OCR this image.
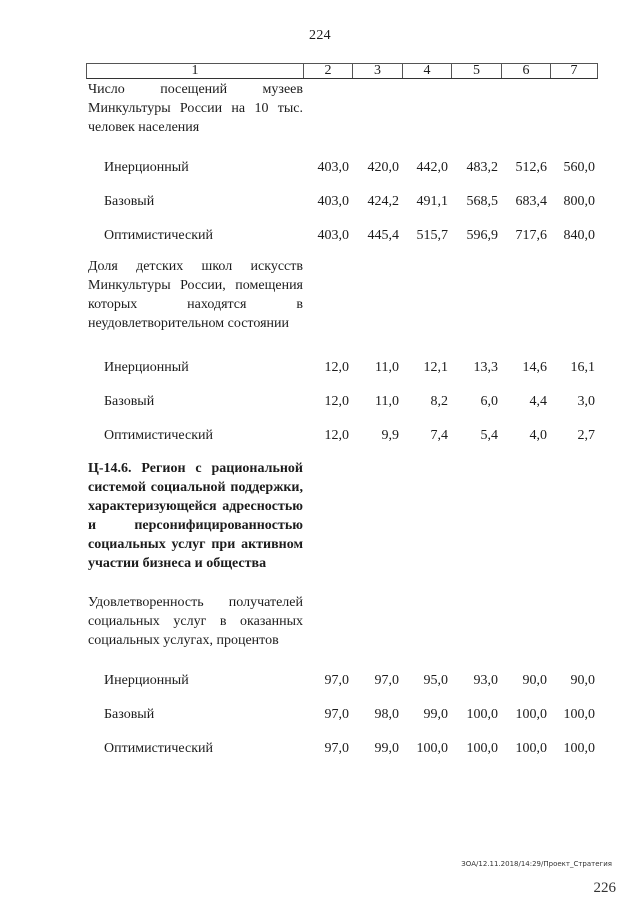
224
1	2	3	4	5	6	7
Число посещений музеев Минкультуры России на 10 тыс. человек населения
Инерционный	403,0	420,0	442,0	483,2	512,6	560,0
Базовый	403,0	424,2	491,1	568,5	683,4	800,0
Оптимистический	403,0	445,4	515,7	596,9	717,6	840,0
Доля детских школ искусств Минкультуры России, помещения которых находятся в неудовлетворительном состоянии
Инерционный	12,0	11,0	12,1	13,3	14,6	16,1
Базовый	12,0	11,0	8,2	6,0	4,4	3,0
Оптимистический	12,0	9,9	7,4	5,4	4,0	2,7
Ц-14.6. Регион с рациональной системой социальной поддержки, характеризующейся адресностью и персонифицированностью социальных услуг при активном участии бизнеса и общества
Удовлетворенность получателей социальных услуг в оказанных социальных услугах, процентов
Инерционный	97,0	97,0	95,0	93,0	90,0	90,0
Базовый	97,0	98,0	99,0	100,0	100,0	100,0
Оптимистический	97,0	99,0	100,0	100,0	100,0	100,0
ЗОА/12.11.2018/14:29/Проект_Стратегия
226
